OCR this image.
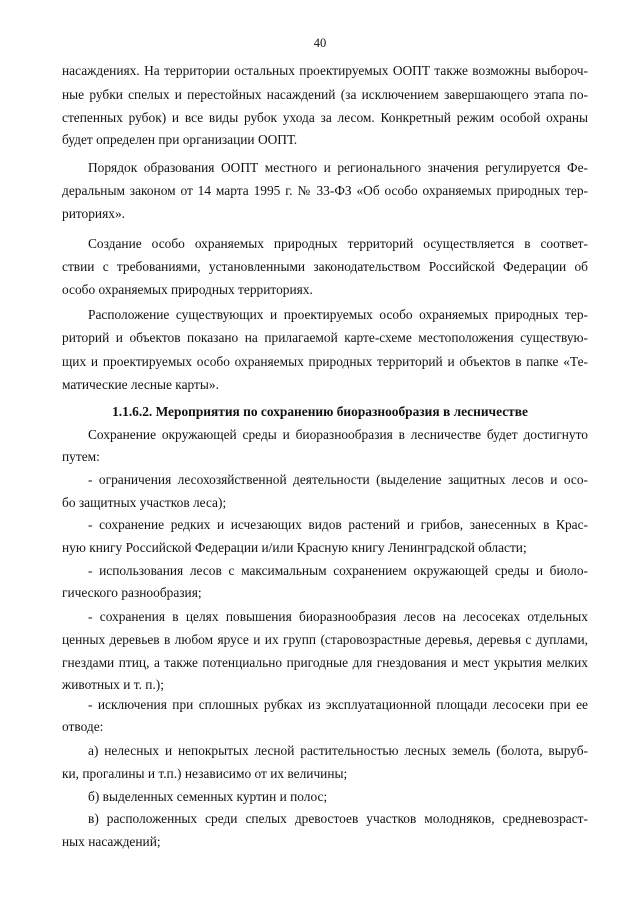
40
насаждениях. На территории остальных проектируемых ООПТ также возможны выбороч-
ные рубки спелых и перестойных насаждений (за исключением завершающего этапа по-
степенных рубок) и все виды рубок ухода за лесом. Конкретный режим особой охраны
будет определен при организации ООПТ.
Порядок образования ООПТ местного и регионального значения регулируется Фе-
деральным законом от 14 марта 1995 г. № 33-ФЗ «Об особо охраняемых природных тер-
риториях».
Создание особо охраняемых природных территорий осуществляется в соответ-
ствии с требованиями, установленными законодательством Российской Федерации об
особо охраняемых природных территориях.
Расположение существующих и проектируемых особо охраняемых природных тер-
риторий и объектов показано на прилагаемой карте-схеме местоположения существую-
щих и проектируемых особо охраняемых природных территорий и объектов в папке «Те-
матические лесные карты».
1.1.6.2. Мероприятия по сохранению биоразнообразия в лесничестве
Сохранение окружающей среды и биоразнообразия в лесничестве будет достигнуто
путем:
- ограничения лесохозяйственной деятельности (выделение защитных лесов и осо-
бо защитных участков леса);
- сохранение редких и исчезающих видов растений и грибов, занесенных в Крас-
ную книгу Российской Федерации и/или Красную книгу Ленинградской области;
- использования лесов с максимальным сохранением окружающей среды и биоло-
гического разнообразия;
- сохранения в целях повышения биоразнообразия лесов на лесосеках отдельных
ценных деревьев в любом ярусе и их групп (старовозрастные деревья, деревья с дуплами,
гнездами птиц, а также потенциально пригодные для гнездования и мест укрытия мелких
животных и т. п.);
- исключения при сплошных рубках из эксплуатационной площади лесосеки при ее
отводе:
а) нелесных и непокрытых лесной растительностью лесных земель (болота, выруб-
ки, прогалины и т.п.) независимо от их величины;
б) выделенных семенных куртин и полос;
в) расположенных среди спелых древостоев участков молодняков, средневозраст-
ных насаждений;
